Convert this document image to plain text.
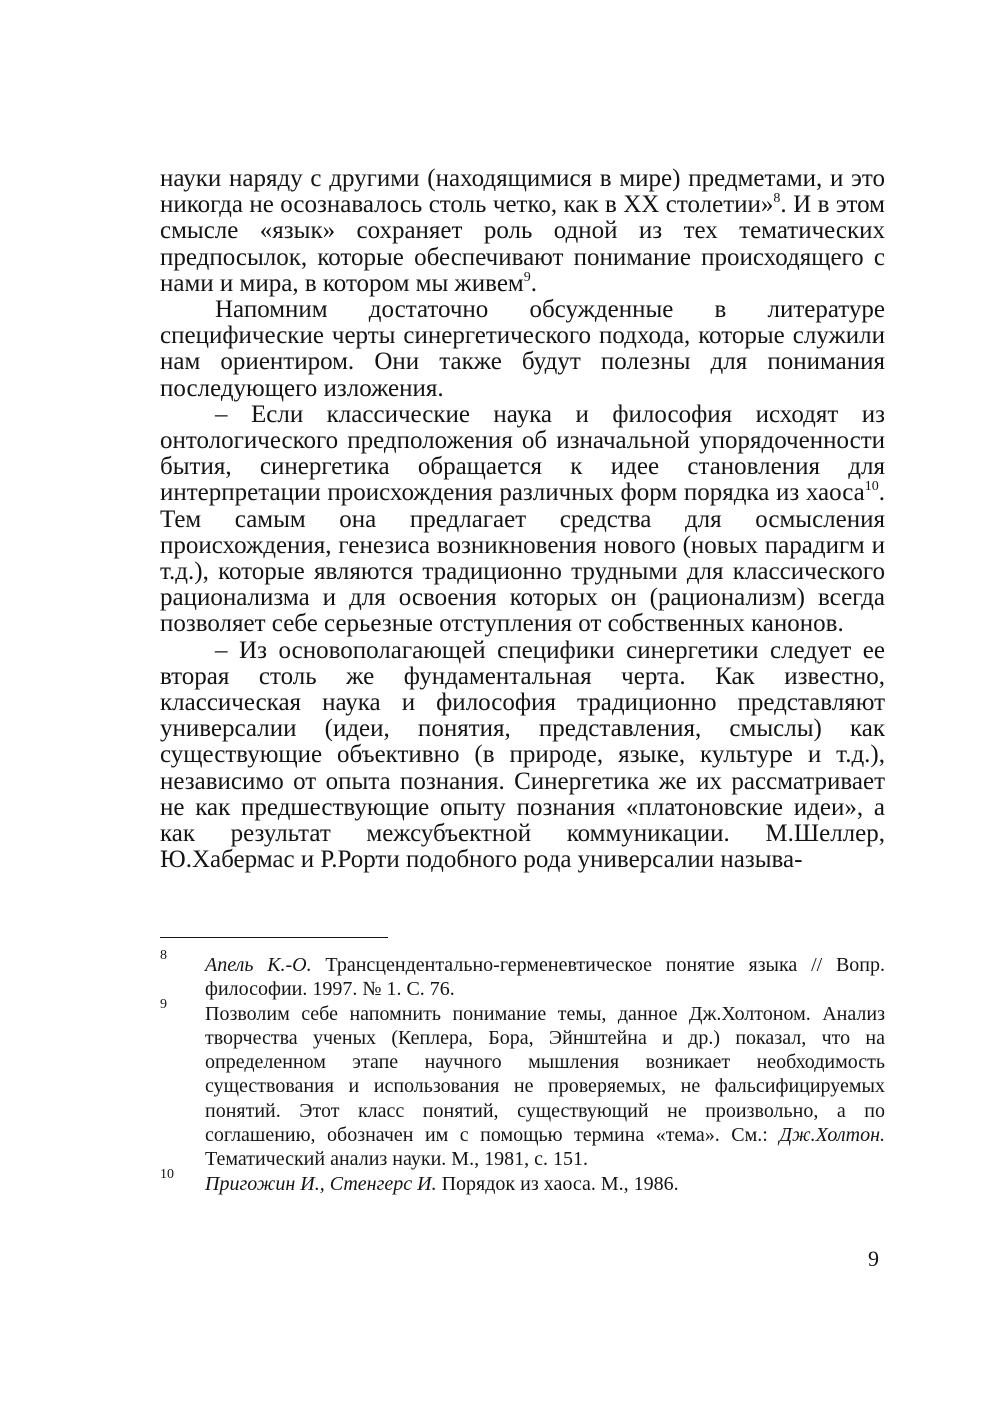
науки наряду с другими (находящимися в мире) предметами, и это никогда не осознавалось столь четко, как в XX столетии»$^8$. И в этом смысле «язык» сохраняет роль одной из тех тематических предпосылок, которые обеспечивают понимание происходящего с нами и мира, в котором мы живем$^9$.

Напомним достаточно обсужденные в литературе специфические черты синергетического подхода, которые служили нам ориентиром. Они также будут полезны для понимания последующего изложения.

– Если классические наука и философия исходят из онтологического предположения об изначальной упорядоченности бытия, синергетика обращается к идее становления для интерпретации происхождения различных форм порядка из хаоса$^{10}$. Тем самым она предлагает средства для осмысления происхождения, генезиса возникновения нового (новых парадигм и т.д.), которые являются традиционно трудными для классического рационализма и для освоения которых он (рационализм) всегда позволяет себе серьезные отступления от собственных канонов.

– Из основополагающей специфики синергетики следует ее вторая столь же фундаментальная черта. Как известно, классическая наука и философия традиционно представляют универсалии (идеи, понятия, представления, смыслы) как существующие объективно (в природе, языке, культуре и т.д.), независимо от опыта познания. Синергетика же их рассматривает не как предшествующие опыту познания «платоновские идеи», а как результат межсубъектной коммуникации. М.Шеллер, Ю.Хабермас и Р.Рорти подобного рода универсалии называ-

8 Апель К.-О. Трансцендентально-герменевтическое понятие языка // Вопр. философии. 1997. № 1. С. 76.
9 Позволим себе напомнить понимание темы, данное Дж.Холтоном. Анализ творчества ученых (Кеплера, Бора, Эйнштейна и др.) показал, что на определенном этапе научного мышления возникает необходимость существования и использования не проверяемых, не фальсифицируемых понятий. Этот класс понятий, существующий не произвольно, а по соглашению, обозначен им с помощью термина «тема». См.: Дж.Холтон. Тематический анализ науки. М., 1981, с. 151.
10 Пригожин И., Стенгерс И. Порядок из хаоса. М., 1986.
9
